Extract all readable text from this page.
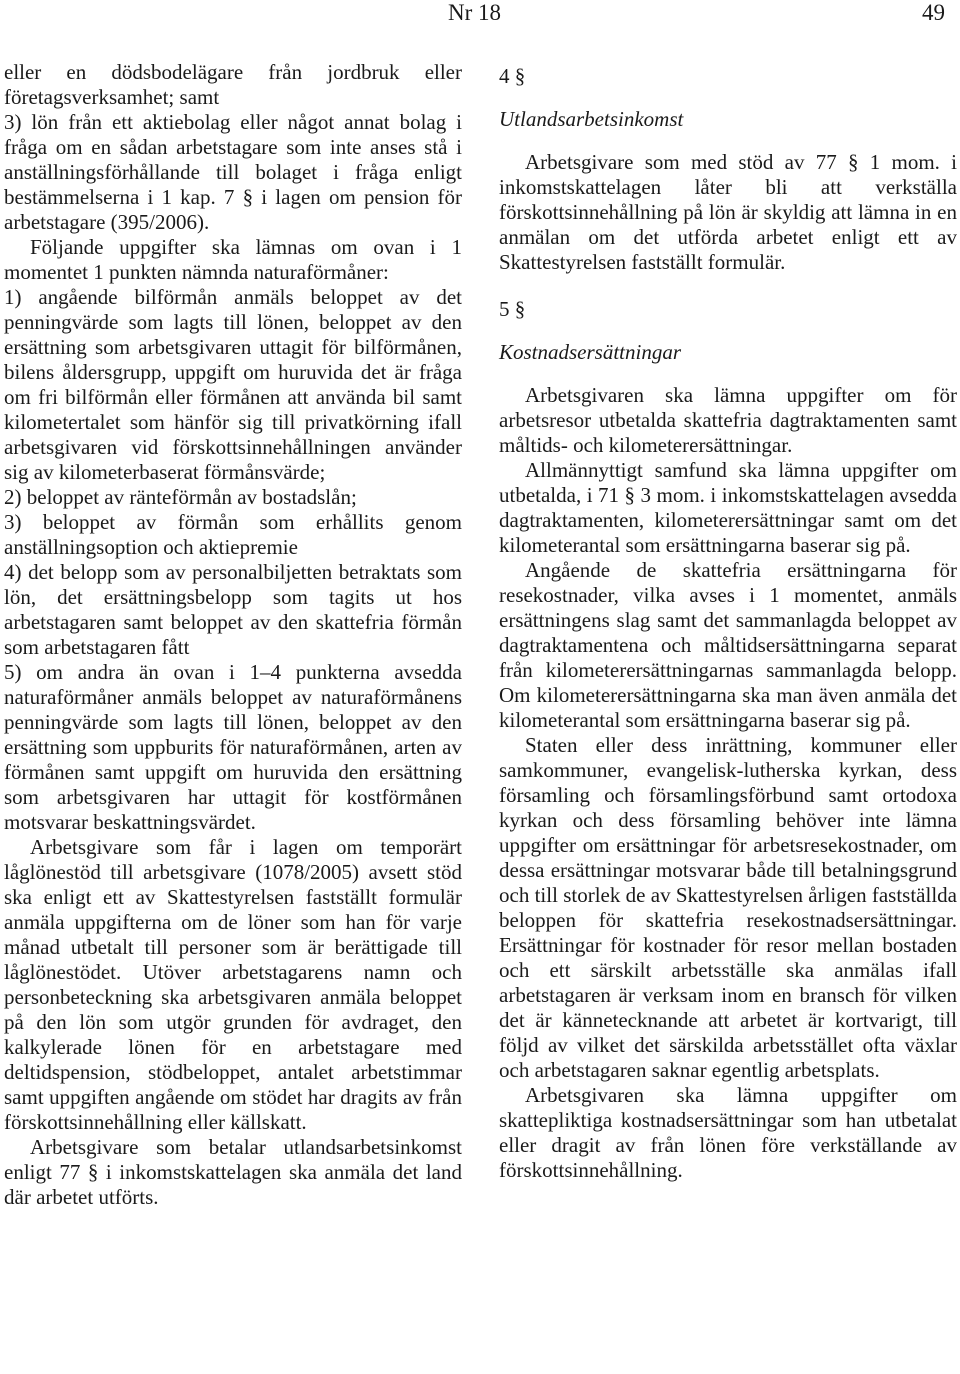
Nr 18	49

eller en dödsbodelägare från jordbruk eller företagsverksamhet; samt

3) lön från ett aktiebolag eller något annat bolag i fråga om en sådan arbetstagare som inte anses stå i anställningsförhållande till bolaget i fråga enligt bestämmelserna i 1 kap. 7 § i lagen om pension för arbetstagare (395/2006).

Följande uppgifter ska lämnas om ovan i 1 momentet 1 punkten nämnda naturaförmåner:

1) angående bilförmån anmäls beloppet av det penningvärde som lagts till lönen, beloppet av den ersättning som arbetsgivaren uttagit för bilförmånen, bilens åldersgrupp, uppgift om huruvida det är fråga om fri bilförmån eller förmånen att använda bil samt kilometertalet som hänför sig till privatkörning ifall arbetsgivaren vid förskottsinnehållningen använder sig av kilometerbaserat förmånsvärde;

2) beloppet av ränteförmån av bostadslån;

3) beloppet av förmån som erhållits genom anställningsoption och aktiepremie

4) det belopp som av personalbiljetten betraktats som lön, det ersättningsbelopp som tagits ut hos arbetstagaren samt beloppet av den skattefria förmån som arbetstagaren fått

5) om andra än ovan i 1–4 punkterna avsedda naturaförmåner anmäls beloppet av naturaförmånens penningvärde som lagts till lönen, beloppet av den ersättning som uppburits för naturaförmånen, arten av förmånen samt uppgift om huruvida den ersättning som arbetsgivaren har uttagit för kostförmånen motsvarar beskattningsvärdet.

Arbetsgivare som får i lagen om temporärt låglönestöd till arbetsgivare (1078/2005) avsett stöd ska enligt ett av Skattestyrelsen fastställt formulär anmäla uppgifterna om de löner som han för varje månad utbetalt till personer som är berättigade till låglönestödet. Utöver arbetstagarens namn och personbeteckning ska arbetsgivaren anmäla beloppet på den lön som utgör grunden för avdraget, den kalkylerade lönen för en arbetstagare med deltidspension, stödbeloppet, antalet arbetstimmar samt uppgiften angående om stödet har dragits av från förskottsinnehållning eller källskatt.

Arbetsgivare som betalar utlandsarbetsinkomst enligt 77 § i inkomstskattelagen ska anmäla det land där arbetet utförts.

4 §

Utlandsarbetsinkomst

Arbetsgivare som med stöd av 77 § 1 mom. i inkomstskattelagen låter bli att verkställa förskottsinnehållning på lön är skyldig att lämna in en anmälan om det utförda arbetet enligt ett av Skattestyrelsen fastställt formulär.

5 §

Kostnadsersättningar

Arbetsgivaren ska lämna uppgifter om för arbetsresor utbetalda skattefria dagtraktamenten samt måltids- och kilometerersättningar.

Allmännyttigt samfund ska lämna uppgifter om utbetalda, i 71 § 3 mom. i inkomstskattelagen avsedda dagtraktamenten, kilometerersättningar samt om det kilometerantal som ersättningarna baserar sig på.

Angående de skattefria ersättningarna för resekostnader, vilka avses i 1 momentet, anmäls ersättningens slag samt det sammanlagda beloppet av dagtraktamentena och måltidsersättningarna separat från kilometerersättningarnas sammanlagda belopp. Om kilometerersättningarna ska man även anmäla det kilometerantal som ersättningarna baserar sig på.

Staten eller dess inrättning, kommuner eller samkommuner, evangelisk-lutherska kyrkan, dess församling och församlingsförbund samt ortodoxa kyrkan och dess församling behöver inte lämna uppgifter om ersättningar för arbetsresekostnader, om dessa ersättningar motsvarar både till betalningsgrund och till storlek de av Skattestyrelsen årligen fastställda beloppen för skattefria resekostnadsersättningar. Ersättningar för kostnader för resor mellan bostaden och ett särskilt arbetsställe ska anmälas ifall arbetstagaren är verksam inom en bransch för vilken det är kännetecknande att arbetet är kortvarigt, till följd av vilket det särskilda arbetsstället ofta växlar och arbetstagaren saknar egentlig arbetsplats.

Arbetsgivaren ska lämna uppgifter om skattepliktiga kostnadsersättningar som han utbetalat eller dragit av från lönen före verkställande av förskottsinnehållning.
